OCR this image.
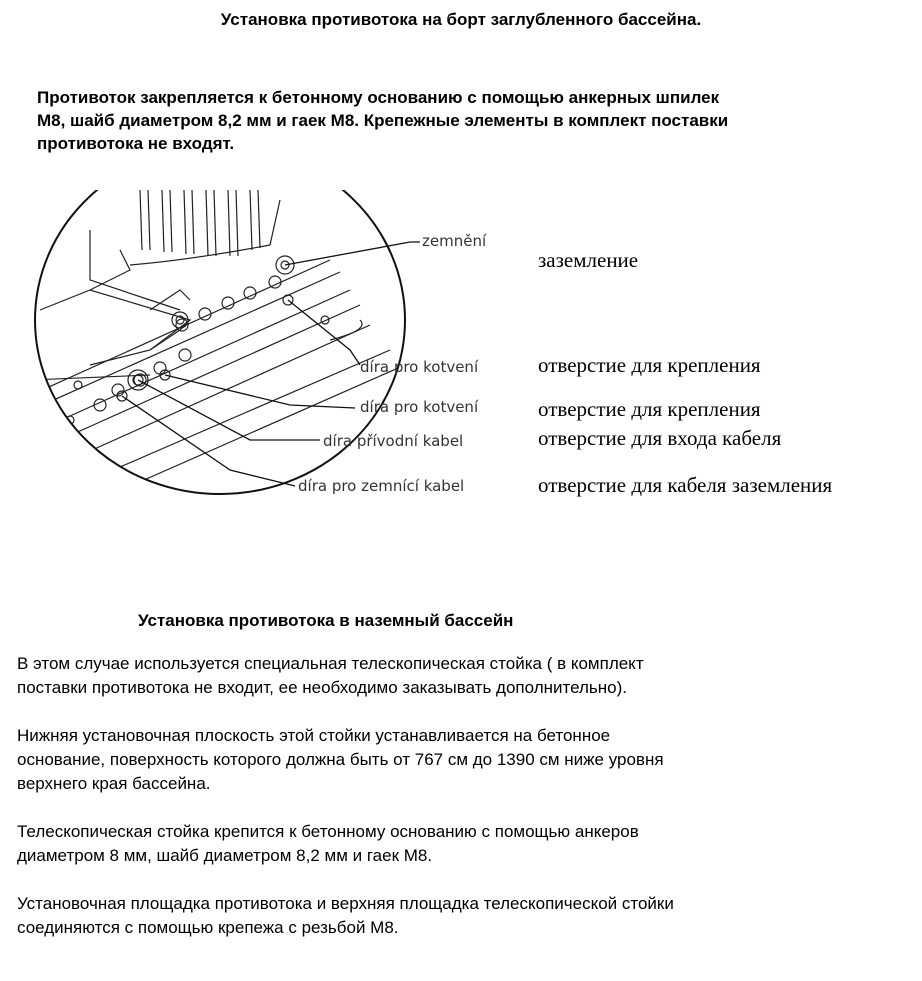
Установка противотока на борт заглубленного бассейна.
Противоток закрепляется к бетонному основанию с помощью анкерных шпилек
M8, шайб диаметром 8,2 мм и гаек M8. Крепежные элементы в комплект поставки
противотока не входят.
zemnění
díra pro kotvení
díra pro kotvení
díra přívodní kabel
díra pro zemnící kabel
заземление
отверстие для крепления
отверстие для крепления
отверстие для входа кабеля
отверстие для кабеля заземления
Установка противотока в наземный бассейн

В этом случае используется специальная телескопическая стойка ( в комплект
поставки противотока не входит, ее необходимо заказывать дополнительно).

Нижняя установочная плоскость этой стойки устанавливается на бетонное
основание, поверхность которого должна быть от 767 см до 1390 см ниже уровня
верхнего края бассейна.

Телескопическая стойка крепится к бетонному основанию с помощью анкеров
диаметром 8 мм, шайб диаметром 8,2 мм и гаек М8.

Установочная площадка противотока и верхняя площадка телескопической стойки
соединяются с помощью крепежа с резьбой М8.
